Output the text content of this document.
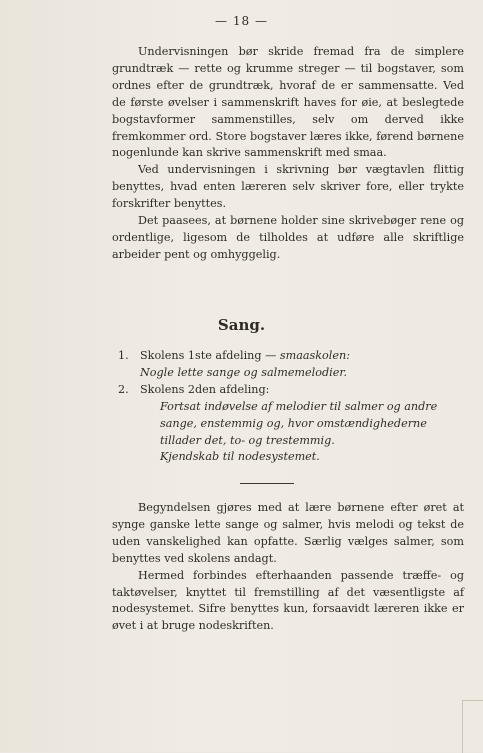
— 18 —

Undervisningen bør skride fremad fra de simplere grundtræk — rette og krumme streger — til bogstaver, som ordnes efter de grundtræk, hvoraf de er sammensatte. Ved de første øvelser i sammenskrift haves for øie, at beslegtede bogstavformer sammenstilles, selv om derved ikke fremkommer ord. Store bogstaver læres ikke, førend børnene nogenlunde kan skrive sammenskrift med smaa.

Ved undervisningen i skrivning bør vægtavlen flittig benyttes, hvad enten læreren selv skriver fore, eller trykte forskrifter benyttes.

Det paasees, at børnene holder sine skrivebøger rene og ordentlige, ligesom de tilholdes at udføre alle skriftlige arbeider pent og omhyggelig.

Sang.
1.	Skolens 1ste afdeling — smaaskolen:
Nogle lette sange og salmemelodier.
2.	Skolens 2den afdeling:
Fortsat indøvelse af melodier til salmer og andre sange, enstemmig og, hvor omstændighederne tillader det, to- og trestemmig.
Kjendskab til nodesystemet.

Begyndelsen gjøres med at lære børnene efter øret at synge ganske lette sange og salmer, hvis melodi og tekst de uden vanskelighed kan opfatte. Særlig vælges salmer, som benyttes ved skolens andagt.

Hermed forbindes efterhaanden passende træffe- og taktøvelser, knyttet til fremstilling af det væsentligste af nodesystemet. Sifre benyttes kun, forsaavidt læreren ikke er øvet i at bruge nodeskriften.
